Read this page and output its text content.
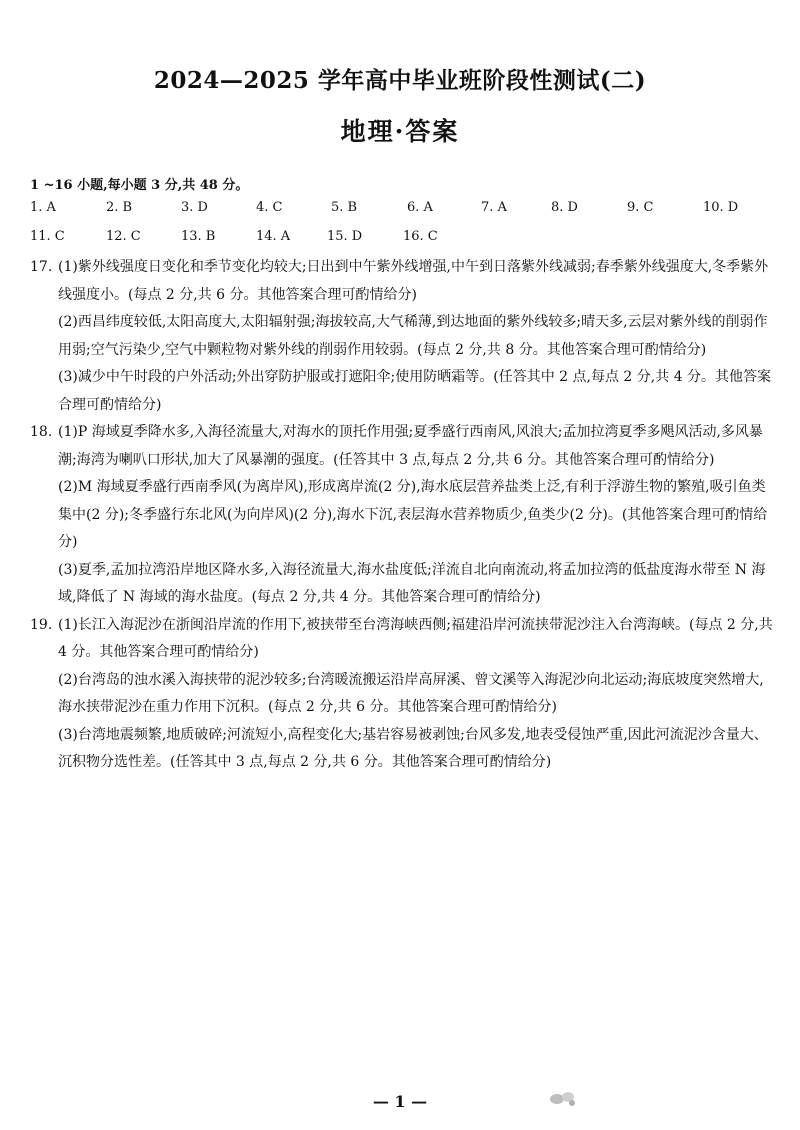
2024—2025 学年高中毕业班阶段性测试(二)
地理·答案
1 ~16 小题,每小题 3 分,共 48 分。
1. A	2. B	3. D	4. C	5. B	6. A	7. A	8. D	9. C	10. D
11. C	12. C	13. B	14. A	15. D	16. C
17. (1)紫外线强度日变化和季节变化均较大;日出到中午紫外线增强,中午到日落紫外线减弱;春季紫外线强度大,冬季紫外线强度小。(每点 2 分,共 6 分。其他答案合理可酌情给分)
(2)西昌纬度较低,太阳高度大,太阳辐射强;海拔较高,大气稀薄,到达地面的紫外线较多;晴天多,云层对紫外线的削弱作用弱;空气污染少,空气中颗粒物对紫外线的削弱作用较弱。(每点 2 分,共 8 分。其他答案合理可酌情给分)
(3)减少中午时段的户外活动;外出穿防护服或打遮阳伞;使用防晒霜等。(任答其中 2 点,每点 2 分,共 4 分。其他答案合理可酌情给分)
18. (1)P 海域夏季降水多,入海径流量大,对海水的顶托作用强;夏季盛行西南风,风浪大;孟加拉湾夏季多飓风活动,多风暴潮;海湾为喇叭口形状,加大了风暴潮的强度。(任答其中 3 点,每点 2 分,共 6 分。其他答案合理可酌情给分)
(2)M 海域夏季盛行西南季风(为离岸风),形成离岸流(2 分),海水底层营养盐类上泛,有利于浮游生物的繁殖,吸引鱼类集中(2 分);冬季盛行东北风(为向岸风)(2 分),海水下沉,表层海水营养物质少,鱼类少(2 分)。(其他答案合理可酌情给分)
(3)夏季,孟加拉湾沿岸地区降水多,入海径流量大,海水盐度低;洋流自北向南流动,将孟加拉湾的低盐度海水带至 N 海域,降低了 N 海域的海水盐度。(每点 2 分,共 4 分。其他答案合理可酌情给分)
19. (1)长江入海泥沙在浙闽沿岸流的作用下,被挟带至台湾海峡西侧;福建沿岸河流挟带泥沙注入台湾海峡。(每点 2 分,共 4 分。其他答案合理可酌情给分)
(2)台湾岛的浊水溪入海挟带的泥沙较多;台湾暖流搬运沿岸高屏溪、曾文溪等入海泥沙向北运动;海底坡度突然增大,海水挟带泥沙在重力作用下沉积。(每点 2 分,共 6 分。其他答案合理可酌情给分)
(3)台湾地震频繁,地质破碎;河流短小,高程变化大;基岩容易被剥蚀;台风多发,地表受侵蚀严重,因此河流泥沙含量大、沉积物分选性差。(任答其中 3 点,每点 2 分,共 6 分。其他答案合理可酌情给分)
— 1 —
